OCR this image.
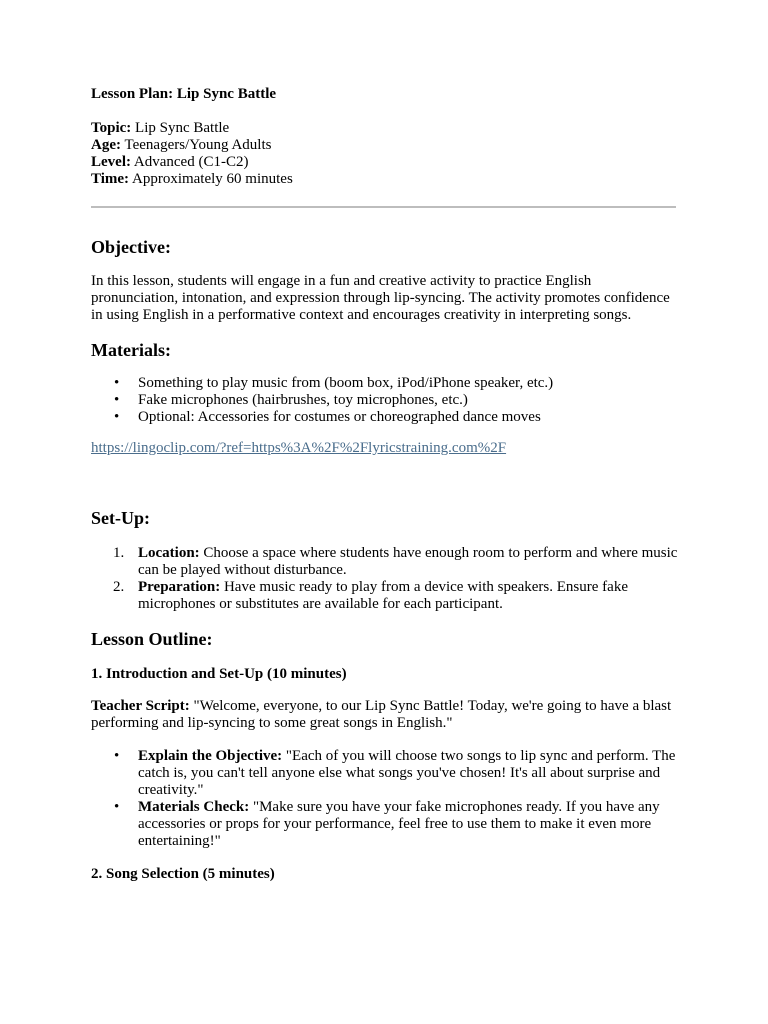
Lesson Plan: Lip Sync Battle

Topic: Lip Sync Battle

Age: Teenagers/Young Adults

Level: Advanced (C1-C2)

Time: Approximately 60 minutes

Objective:

In this lesson, students will engage in a fun and creative activity to practice English pronunciation, intonation, and expression through lip-syncing. The activity promotes confidence in using English in a performative context and encourages creativity in interpreting songs.

Materials:
• Something to play music from (boom box, iPod/iPhone speaker, etc.)
• Fake microphones (hairbrushes, toy microphones, etc.)
• Optional: Accessories for costumes or choreographed dance moves
https://lingoclip.com/?ref=https%3A%2F%2Flyricstraining.com%2F
Set-Up:
1. Location: Choose a space where students have enough room to perform and where music can be played without disturbance.
2. Preparation: Have music ready to play from a device with speakers. Ensure fake microphones or substitutes are available for each participant.
Lesson Outline:

1. Introduction and Set-Up (10 minutes)

Teacher Script: "Welcome, everyone, to our Lip Sync Battle! Today, we're going to have a blast performing and lip-syncing to some great songs in English."

• Explain the Objective: "Each of you will choose two songs to lip sync and perform. The catch is, you can't tell anyone else what songs you've chosen! It's all about surprise and creativity."
• Materials Check: "Make sure you have your fake microphones ready. If you have any accessories or props for your performance, feel free to use them to make it even more entertaining!"

2. Song Selection (5 minutes)
